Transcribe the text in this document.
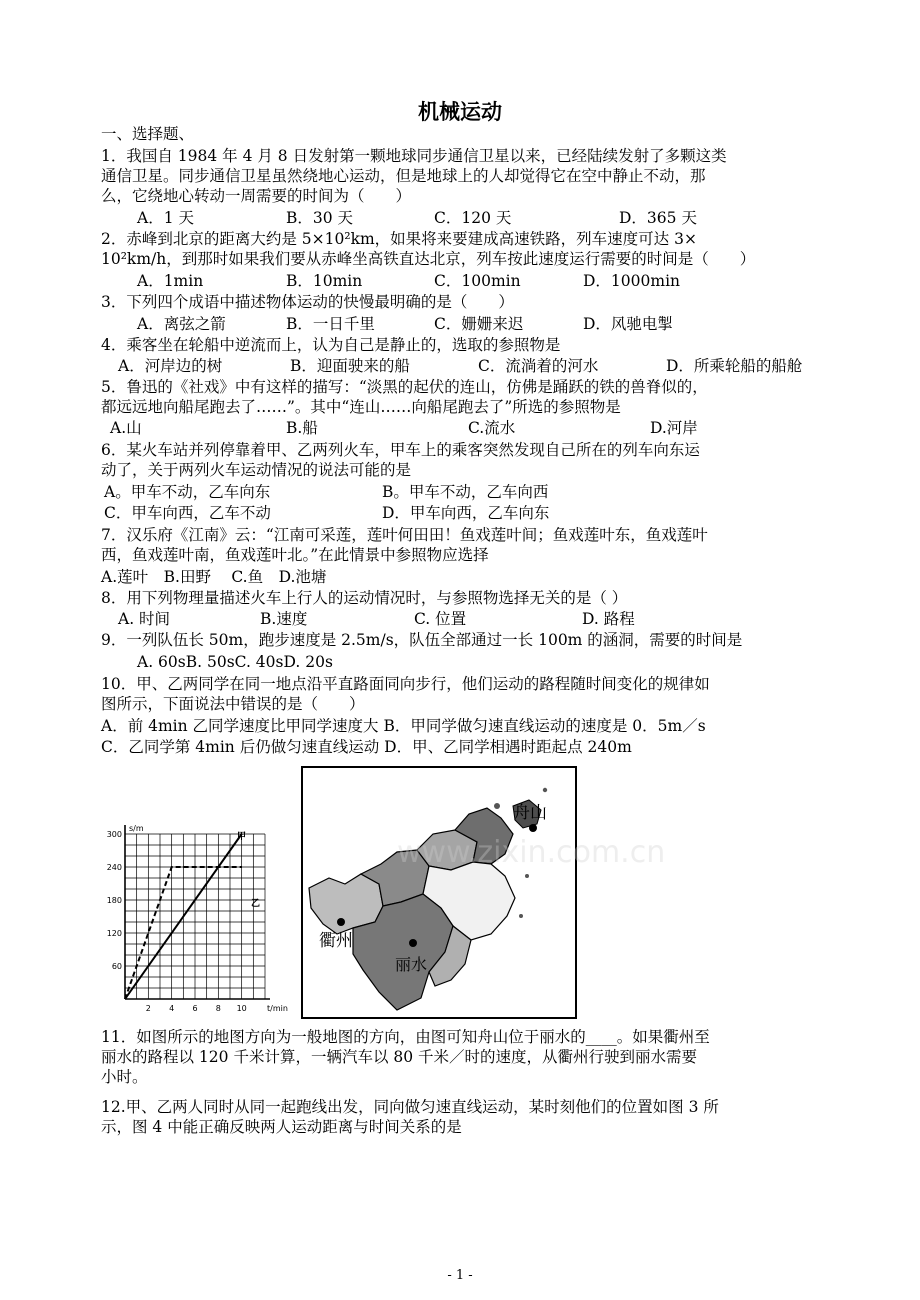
机械运动
一、选择题、
1．我国自 1984 年 4 月 8 日发射第一颗地球同步通信卫星以来，已经陆续发射了多颗这类
通信卫星。同步通信卫星虽然绕地心运动，但是地球上的人却觉得它在空中静止不动，那
么，它绕地心转动一周需要的时间为（　　）
A．1 天	B．30 天	C．120 天	D．365 天
2．赤峰到北京的距离大约是 5×10²km，如果将来要建成高速铁路，列车速度可达 3×
10²km/h，到那时如果我们要从赤峰坐高铁直达北京，列车按此速度运行需要的时间是（　　）
A．1min	B．10min	C．100min	D．1000min
3．下列四个成语中描述物体运动的快慢最明确的是（　　）
A．离弦之箭	B．一日千里	C．姗姗来迟	D．风驰电掣
4．乘客坐在轮船中逆流而上，认为自己是静止的，选取的参照物是
A．河岸边的树	B．迎面驶来的船	C．流淌着的河水	D．所乘轮船的船舱
5．鲁迅的《社戏》中有这样的描写：“淡黑的起伏的连山，仿佛是踊跃的铁的兽脊似的，
都远远地向船尾跑去了……”。其中“连山……向船尾跑去了”所选的参照物是
A.山	B.船	C.流水	D.河岸
6．某火车站并列停靠着甲、乙两列火车，甲车上的乘客突然发现自己所在的列车向东运
动了，关于两列火车运动情况的说法可能的是
A。甲车不动，乙车向东	B。甲车不动，乙车向西
C．甲车向西，乙车不动	D．甲车向西，乙车向东
7．汉乐府《江南》云：“江南可采莲，莲叶何田田！鱼戏莲叶间；鱼戏莲叶东，鱼戏莲叶
西，鱼戏莲叶南，鱼戏莲叶北。”在此情景中参照物应选择
A.莲叶　B.田野　 C.鱼　D.池塘
8．用下列物理量描述火车上行人的运动情况时，与参照物选择无关的是（ ）
A. 时间	B.速度	C. 位置	D. 路程
9．一列队伍长 50m，跑步速度是 2.5m/s，队伍全部通过一长 100m 的涵洞，需要的时间是
A. 60sB. 50sC. 40sD. 20s
10．甲、乙两同学在同一地点沿平直路面同向步行，他们运动的路程随时间变化的规律如
图所示，下面说法中错误的是（　　）
A．前 4min 乙同学速度比甲同学速度大 B．甲同学做匀速直线运动的速度是 0．5m／s
C．乙同学第 4min 后仍做匀速直线运动 D．甲、乙同学相遇时距起点 240m
s/m
t/min
300
240
180
120
60
2 4 6 8 10
甲
乙
舟山
衢州
丽水
www.zixin.com.cn
11．如图所示的地图方向为一般地图的方向，由图可知舟山位于丽水的____。如果衢州至
丽水的路程以 120 千米计算，一辆汽车以 80 千米／时的速度，从衢州行驶到丽水需要
小时。
12.甲、乙两人同时从同一起跑线出发，同向做匀速直线运动，某时刻他们的位置如图 3 所
示，图 4 中能正确反映两人运动距离与时间关系的是
- 1 -
